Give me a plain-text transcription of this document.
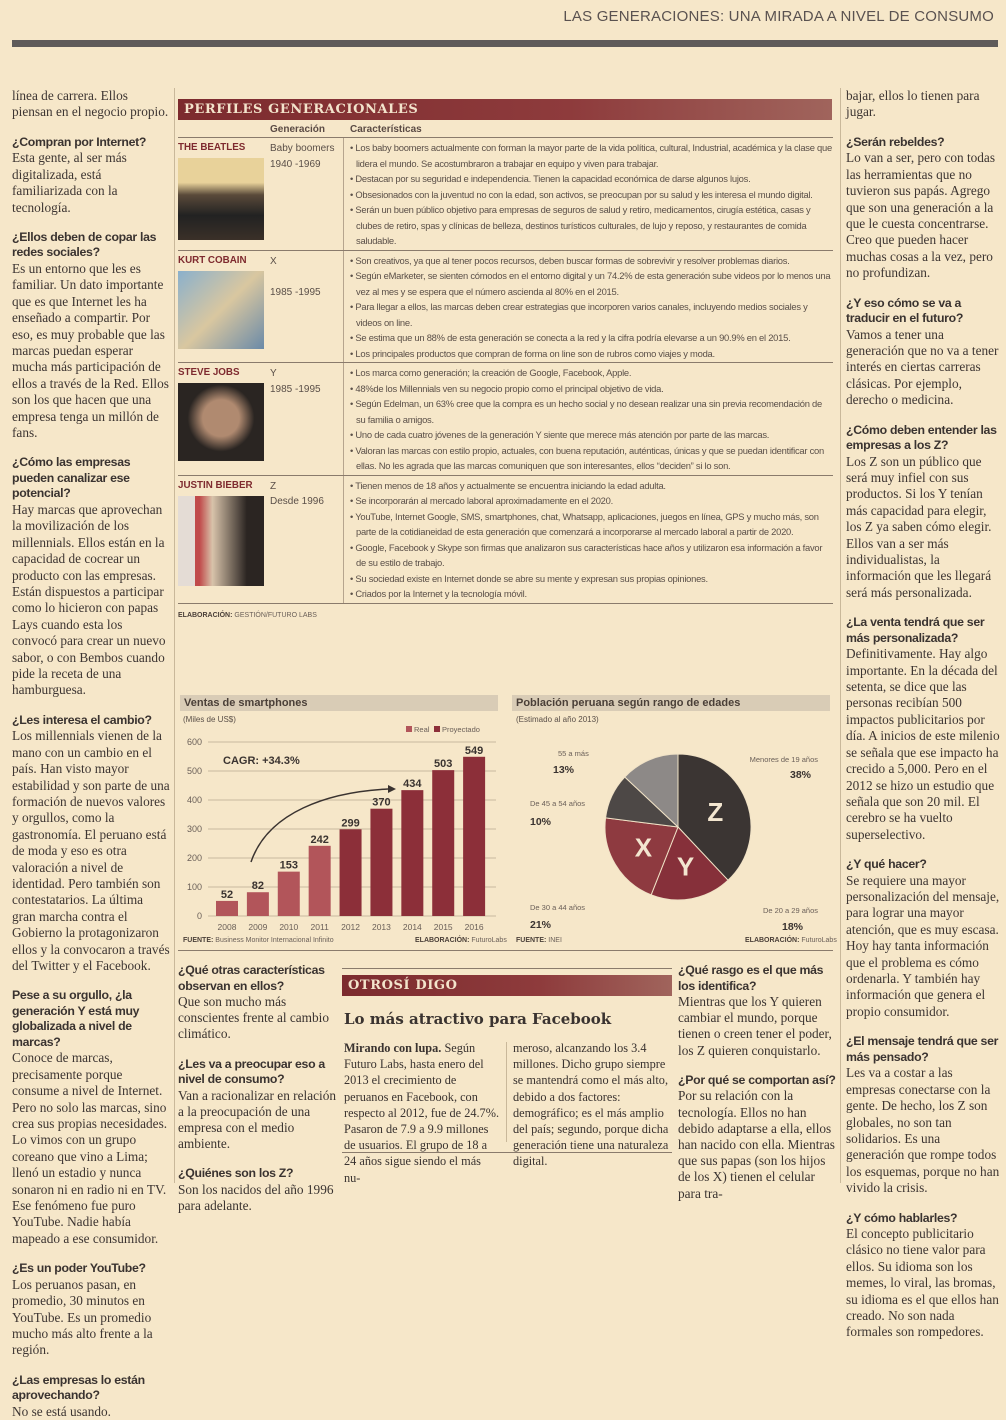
LAS GENERACIONES: UNA MIRADA A NIVEL DE CONSUMO

línea de carrera. Ellos piensan en el negocio propio.

¿Compran por Internet?

Esta gente, al ser más digitalizada, está familiarizada con la tecnología.

¿Ellos deben de copar las redes sociales?

Es un entorno que les es familiar. Un dato importante que es que Internet les ha enseñado a compartir. Por eso, es muy probable que las marcas puedan esperar mucha más participación de ellos a través de la Red. Ellos son los que hacen que una empresa tenga un millón de fans.

¿Cómo las empresas pueden canalizar ese potencial?

Hay marcas que aprovechan la movilización de los millennials. Ellos están en la capacidad de cocrear un producto con las empresas. Están dispuestos a participar como lo hicieron con papas Lays cuando esta los convocó para crear un nuevo sabor, o con Bembos cuando pide la receta de una hamburguesa.

¿Les interesa el cambio?

Los millennials vienen de la mano con un cambio en el país. Han visto mayor estabilidad y son parte de una formación de nuevos valores y orgullos, como la gastronomía. El peruano está de moda y eso es otra valoración a nivel de identidad. Pero también son contestatarios. La última gran marcha contra el Gobierno la protagonizaron ellos y la convocaron a través del Twitter y el Facebook.

Pese a su orgullo, ¿la generación Y está muy globalizada a nivel de marcas?

Conoce de marcas, precisamente porque consume a nivel de Internet. Pero no solo las marcas, sino crea sus propias necesidades. Lo vimos con un grupo coreano que vino a Lima; llenó un estadio y nunca sonaron ni en radio ni en TV. Ese fenómeno fue puro YouTube. Nadie había mapeado a ese consumidor.

¿Es un poder YouTube?

Los peruanos pasan, en promedio, 30 minutos en YouTube. Es un promedio mucho más alto frente a la región.

¿Las empresas lo están aprovechando?

No se está usando.

bajar, ellos lo tienen para jugar.

¿Serán rebeldes?

Lo van a ser, pero con todas las herramientas que no tuvieron sus papás. Agrego que son una generación a la que le cuesta concentrarse. Creo que pueden hacer muchas cosas a la vez, pero no profundizan.

¿Y eso cómo se va a traducir en el futuro?

Vamos a tener una generación que no va a tener interés en ciertas carreras clásicas. Por ejemplo, derecho o medicina.

¿Cómo deben entender las empresas a los Z?

Los Z son un público que será muy infiel con sus productos. Si los Y tenían más capacidad para elegir, los Z ya saben cómo elegir. Ellos van a ser más individualistas, la información que les llegará será más personalizada.

¿La venta tendrá que ser más personalizada?

Definitivamente. Hay algo importante. En la década del setenta, se dice que las personas recibían 500 impactos publicitarios por día. A inicios de este milenio se señala que ese impacto ha crecido a 5,000. Pero en el 2012 se hizo un estudio que señala que son 20 mil. El cerebro se ha vuelto superselectivo.

¿Y qué hacer?

Se requiere una mayor personalización del mensaje, para lograr una mayor atención, que es muy escasa. Hoy hay tanta información que el problema es cómo ordenarla. Y también hay información que genera el propio consumidor.

¿El mensaje tendrá que ser más pensado?

Les va a costar a las empresas conectarse con la gente. De hecho, los Z son globales, no son tan solidarios. Es una generación que rompe todos los esquemas, porque no han vivido la crisis.

¿Y cómo hablarles?

El concepto publicitario clásico no tiene valor para ellos. Su idioma son los memes, lo viral, las bromas, su idioma es el que ellos han creado. No son nada formales son rompedores.

PERFILES GENERACIONALES
Generación	Características
THE BEATLES	Baby boomers
1940 -1969
• Los baby boomers actualmente con forman la mayor parte de la vida política, cultural, Industrial, académica y la clase que lidera el mundo. Se acostumbraron a trabajar en equipo y viven para trabajar.
• Destacan por su seguridad e independencia. Tienen la capacidad económica de darse algunos lujos.
• Obsesionados con la juventud no con la edad, son activos, se preocupan por su salud y les interesa el mundo digital.
• Serán un buen público objetivo para empresas de seguros de salud y retiro, medicamentos, cirugía estética, casas y clubes de retiro, spas y clínicas de belleza, destinos turísticos culturales, de lujo y reposo, y restaurantes de comida saludable.
KURT COBAIN	X
1985 -1995
• Son creativos, ya que al tener pocos recursos, deben buscar formas de sobrevivir y resolver problemas diarios.
• Según eMarketer, se sienten cómodos en el entorno digital y un 74.2% de esta generación sube videos por lo menos una vez al mes y se espera que el número ascienda al 80% en el 2015.
• Para llegar a ellos, las marcas deben crear estrategias que incorporen varios canales, incluyendo medios sociales y videos on line.
• Se estima que un 88% de esta generación se conecta a la red y la cifra podría elevarse a un 90.9% en el 2015.
• Los principales productos que compran de forma on line son de rubros como viajes y moda.
STEVE JOBS	Y
1985 -1995
• Los marca como generación; la creación de Google, Facebook, Apple.
• 48%de los Millennials ven su negocio propio como el principal objetivo de vida.
• Según Edelman, un 63% cree que la compra es un hecho social y no desean realizar una sin previa recomendación de su familia o amigos.
• Uno de cada cuatro jóvenes de la generación Y siente que merece más atención por parte de las marcas.
• Valoran las marcas con estilo propio, actuales, con buena reputación, auténticas, únicas y que se puedan identificar con ellas. No les agrada que las marcas comuniquen que son interesantes, ellos “deciden” si lo son.
JUSTIN BIEBER	Z
Desde 1996
• Tienen menos de 18 años y actualmente se encuentra iniciando la edad adulta.
• Se incorporarán al mercado laboral aproximadamente en el 2020.
• YouTube, Internet Google, SMS, smartphones, chat, Whatsapp, aplicaciones, juegos en línea, GPS y mucho más, son parte de la cotidianeidad de esta generación que comenzará a incorporarse al mercado laboral a partir de 2020.
• Google, Facebook y Skype son firmas que analizaron sus características hace años y utilizaron esa información a favor de su estilo de trabajo.
• Su sociedad existe en Internet donde se abre su mente y expresan sus propias opiniones.
• Criados por la Internet y la tecnología móvil.
ELABORACIÓN: GESTIÓN/FUTURO LABS
Ventas de smartphones
(Miles de US$)
0
100
200
300
400
500
600
52
2008
82
2009
153
2010
242
2011
299
2012
370
2013
434
2014
503
2015
549
2016
CAGR: +34.3%
Real Proyectado
FUENTE: Business Monitor Internacional Infinito	ELABORACIÓN: FuturoLabs
Población peruana según rango de edades
(Estimado al año 2013)
Z
Menores de 19 años
38%
Y
De 20 a 29 años
18%
X
De 30 a 44 años
21%
De 45 a 54 años
10%
55 a más
13%
FUENTE: INEI	ELABORACIÓN: FuturoLabs
¿Qué otras características observan en ellos?

Que son mucho más conscientes frente al cambio climático.

¿Les va a preocupar eso a nivel de consumo?

Van a racionalizar en relación a la preocupación de una empresa con el medio ambiente.

¿Quiénes son los Z?

Son los nacidos del año 1996 para adelante.

OTROSÍ DIGO
Lo más atractivo para Facebook
Mirando con lupa. Según Futuro Labs, hasta enero del 2013 el crecimiento de peruanos en Facebook, con respecto al 2012, fue de 24.7%. Pasaron de 7.9 a 9.9 millones de usuarios. El grupo de 18 a 24 años sigue siendo el más nu-
meroso, alcanzando los 3.4 millones. Dicho grupo siempre se mantendrá como el más alto, debido a dos factores: demográfico; es el más amplio del país; segundo, porque dicha generación tiene una naturaleza digital.
¿Qué rasgo es el que más los identifica?

Mientras que los Y quieren cambiar el mundo, porque tienen o creen tener el poder, los Z quieren conquistarlo.

¿Por qué se comportan así?

Por su relación con la tecnología. Ellos no han debido adaptarse a ella, ellos han nacido con ella. Mientras que sus papas (son los hijos de los X) tienen el celular para tra-
